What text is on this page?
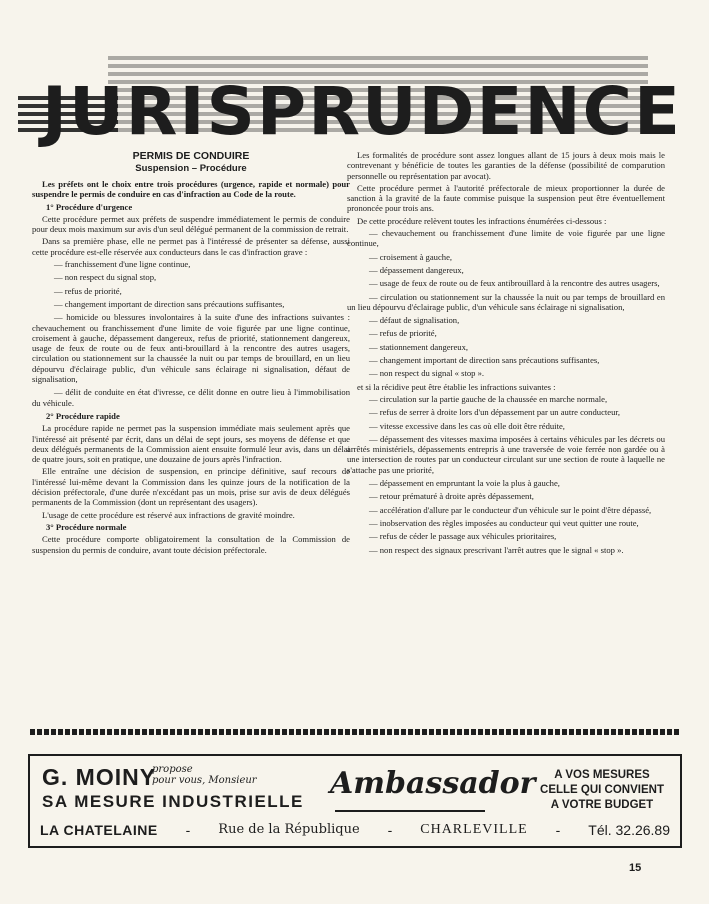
JURISPRUDENCE
PERMIS DE CONDUIRE
Suspension – Procédure

Les préfets ont le choix entre trois procédures (urgence, rapide et normale) pour suspendre le permis de conduire en cas d'infraction au Code de la route.

1° Procédure d'urgence

Cette procédure permet aux préfets de suspendre immédiatement le permis de conduire pour deux mois maximum sur avis d'un seul délégué permanent de la commission de retrait.

Dans sa première phase, elle ne permet pas à l'intéressé de présenter sa défense, aussi cette procédure est-elle réservée aux conducteurs dans le cas d'infraction grave :

— franchissement d'une ligne continue,

— non respect du signal stop,

— refus de priorité,

— changement important de direction sans précautions suffisantes,

— homicide ou blessures involontaires à la suite d'une des infractions suivantes : chevauchement ou franchissement d'une limite de voie figurée par une ligne continue, croisement à gauche, dépassement dangereux, refus de priorité, stationnement dangereux, usage de feux de route ou de feux anti-brouillard à la rencontre des autres usagers, circulation ou stationnement sur la chaussée la nuit ou par temps de brouillard, en un lieu dépourvu d'éclairage public, d'un véhicule sans éclairage ni signalisation, défaut de signalisation,

— délit de conduite en état d'ivresse, ce délit donne en outre lieu à l'immobilisation du véhicule.

2° Procédure rapide

La procédure rapide ne permet pas la suspension immédiate mais seulement après que l'intéressé ait présenté par écrit, dans un délai de sept jours, ses moyens de défense et que deux délégués permanents de la Commission aient ensuite formulé leur avis, dans un délai de quatre jours, soit en pratique, une douzaine de jours après l'infraction.

Elle entraîne une décision de suspension, en principe définitive, sauf recours de l'intéressé lui-même devant la Commission dans les quinze jours de la notification de la décision préfectorale, d'une durée n'excédant pas un mois, prise sur avis de deux délégués permanents de la Commission (dont un représentant des usagers).

L'usage de cette procédure est réservé aux infractions de gravité moindre.

3° Procédure normale

Cette procédure comporte obligatoirement la consultation de la Commission de suspension du permis de conduire, avant toute décision préfectorale.

Les formalités de procédure sont assez longues allant de 15 jours à deux mois mais le contrevenant y bénéficie de toutes les garanties de la défense (possibilité de comparution personnelle ou représentation par avocat).

Cette procédure permet à l'autorité préfectorale de mieux proportionner la durée de sanction à la gravité de la faute commise puisque la suspension peut être éventuellement prononcée pour trois ans.

De cette procédure relèvent toutes les infractions énumérées ci-dessous :

— chevauchement ou franchissement d'une limite de voie figurée par une ligne continue,

— croisement à gauche,

— dépassement dangereux,

— usage de feux de route ou de feux antibrouillard à la rencontre des autres usagers,

— circulation ou stationnement sur la chaussée la nuit ou par temps de brouillard en un lieu dépourvu d'éclairage public, d'un véhicule sans éclairage ni signalisation,

— défaut de signalisation,

— refus de priorité,

— stationnement dangereux,

— changement important de direction sans précautions suffisantes,

— non respect du signal « stop ».

et si la récidive peut être établie les infractions suivantes :

— circulation sur la partie gauche de la chaussée en marche normale,

— refus de serrer à droite lors d'un dépassement par un autre conducteur,

— vitesse excessive dans les cas où elle doit être réduite,

— dépassement des vitesses maxima imposées à certains véhicules par les décrets ou arrêtés ministériels, dépassements entrepris à une traversée de voie ferrée non gardée ou à une intersection de routes par un conducteur circulant sur une section de route à laquelle ne s'attache pas une priorité,

— dépassement en empruntant la voie la plus à gauche,

— retour prématuré à droite après dépassement,

— accélération d'allure par le conducteur d'un véhicule sur le point d'être dépassé,

— inobservation des règles imposées au conducteur qui veut quitter une route,

— refus de céder le passage aux véhicules prioritaires,

— non respect des signaux prescrivant l'arrêt autres que le signal « stop ».

G. MOINY
propose
pour vous, Monsieur
SA MESURE INDUSTRIELLE
Ambassador	A VOS MESURES
CELLE QUI CONVIENT
A VOTRE BUDGET
LA CHATELAINE - Rue de la République - CHARLEVILLE - Tél. 32.26.89
15
